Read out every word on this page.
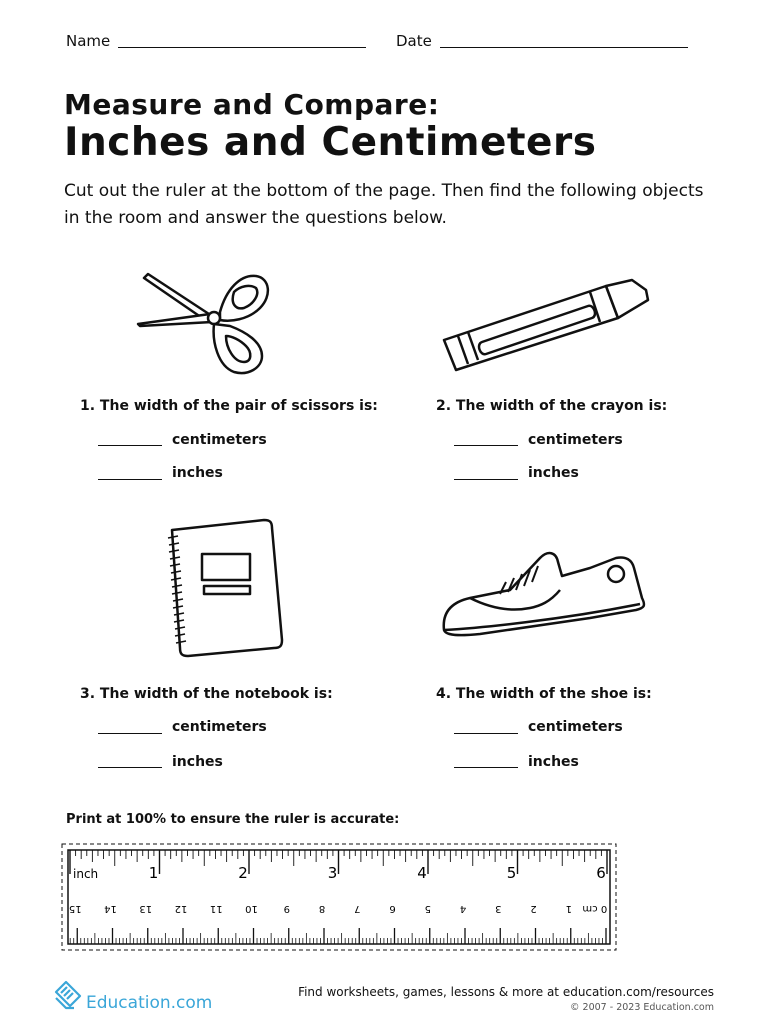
Name	Date
Measure and Compare:
Inches and Centimeters
Cut out the ruler at the bottom of the page. Then find the following objects in the room and answer the questions below.
1. The width of the pair of scissors is:
centimeters
inches
2. The width of the crayon is:
centimeters
inches
3. The width of the notebook is:
centimeters
inches
4. The width of the shoe is:
centimeters
inches
Print at 100% to ensure the ruler is accurate:
1	2	3	4	5	6
0
1
2
3
4
5
6
7
8
9
10
11
12
13
14
15	cm
inch
Education.com
Find worksheets, games, lessons & more at education.com/resources
© 2007 - 2023 Education.com
